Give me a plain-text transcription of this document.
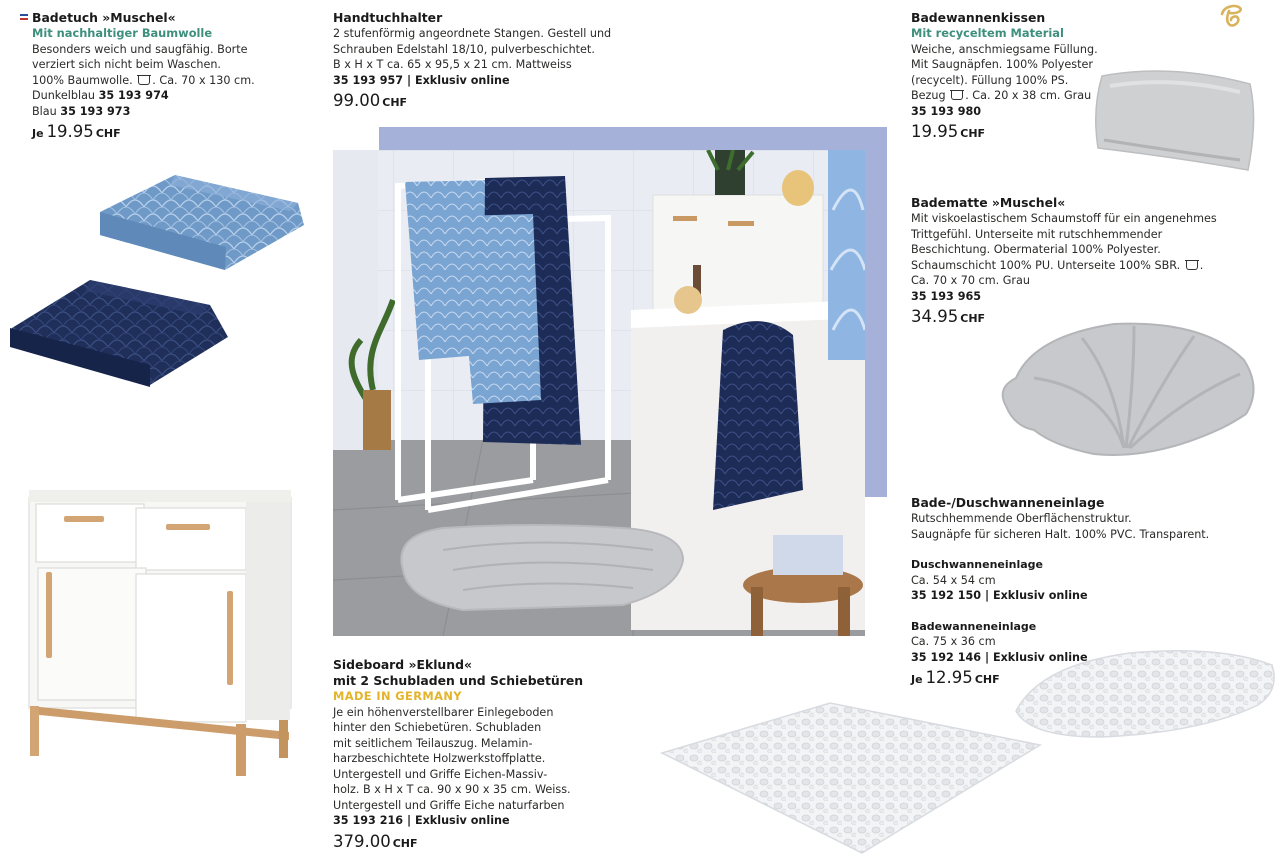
Badetuch »Muschel«
Mit nachhaltiger Baumwolle
Besonders weich und saugfähig. Borte
verziert sich nicht beim Waschen.
100% Baumwolle. . Ca. 70 x 130 cm.
Dunkelblau 35 193 974
Blau 35 193 973
Je 19.95 CHF
Handtuchhalter
2 stufenförmig angeordnete Stangen. Gestell und
Schrauben Edelstahl 18/10, pulverbeschichtet.
B x H x T ca. 65 x 95,5 x 21 cm. Mattweiss
35 193 957 | Exklusiv online
99.00 CHF
Badewannenkissen
Mit recyceltem Material
Weiche, anschmiegsame Füllung.
Mit Saugnäpfen. 100% Polyester
(recycelt). Füllung 100% PS.
Bezug . Ca. 20 x 38 cm. Grau
35 193 980
19.95 CHF
Badematte »Muschel«
Mit viskoelastischem Schaumstoff für ein angenehmes
Trittgefühl. Unterseite mit rutschhemmender
Beschichtung. Obermaterial 100% Polyester.
Schaumschicht 100% PU. Unterseite 100% SBR. .
Ca. 70 x 70 cm. Grau
35 193 965
34.95 CHF
Bade-/Duschwanneneinlage
Rutschhemmende Oberflächenstruktur.
Saugnäpfe für sicheren Halt. 100% PVC. Transparent.
Duschwanneneinlage
Ca. 54 x 54 cm
35 192 150 | Exklusiv online
Badewanneneinlage
Ca. 75 x 36 cm
35 192 146 | Exklusiv online
Je 12.95 CHF
Sideboard »Eklund«
mit 2 Schubladen und Schiebetüren
MADE IN GERMANY
Je ein höhenverstellbarer Einlegeboden
hinter den Schiebetüren. Schubladen
mit seitlichem Teilauszug. Melamin-
harzbeschichtete Holzwerkstoffplatte.
Untergestell und Griffe Eichen-Massiv-
holz. B x H x T ca. 90 x 90 x 35 cm. Weiss.
Untergestell und Griffe Eiche naturfarben
35 193 216 | Exklusiv online
379.00 CHF
